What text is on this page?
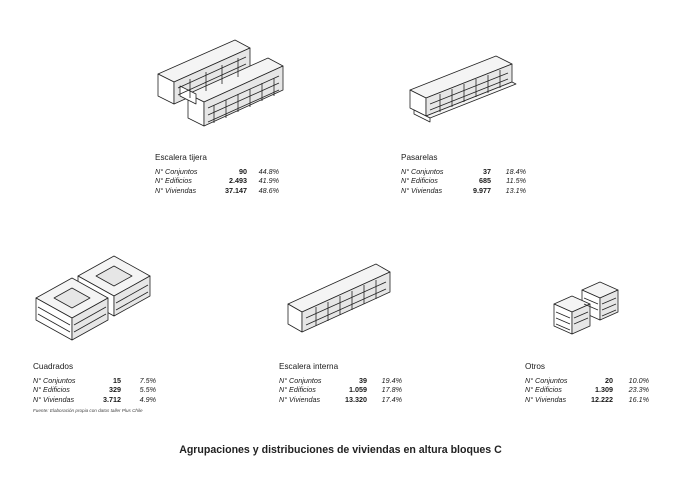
Escalera tijera
N° Conjuntos	90	44.8%
N° Edificios	2.493	41.9%
N° Viviendas	37.147	48.6%
Pasarelas
N° Conjuntos	37	18.4%
N° Edificios	685	11.5%
N° Viviendas	9.977	13.1%
Cuadrados
N° Conjuntos	15	7.5%
N° Edificios	329	5.5%
N° Viviendas	3.712	4.9%
Escalera interna
N° Conjuntos	39	19.4%
N° Edificios	1.059	17.8%
N° Viviendas	13.320	17.4%
Otros
N° Conjuntos	20	10.0%
N° Edificios	1.309	23.3%
N° Viviendas	12.222	16.1%
Fuente: Elaboración propia con datos taller Plus Chile
Agrupaciones y distribuciones de viviendas en altura bloques C
